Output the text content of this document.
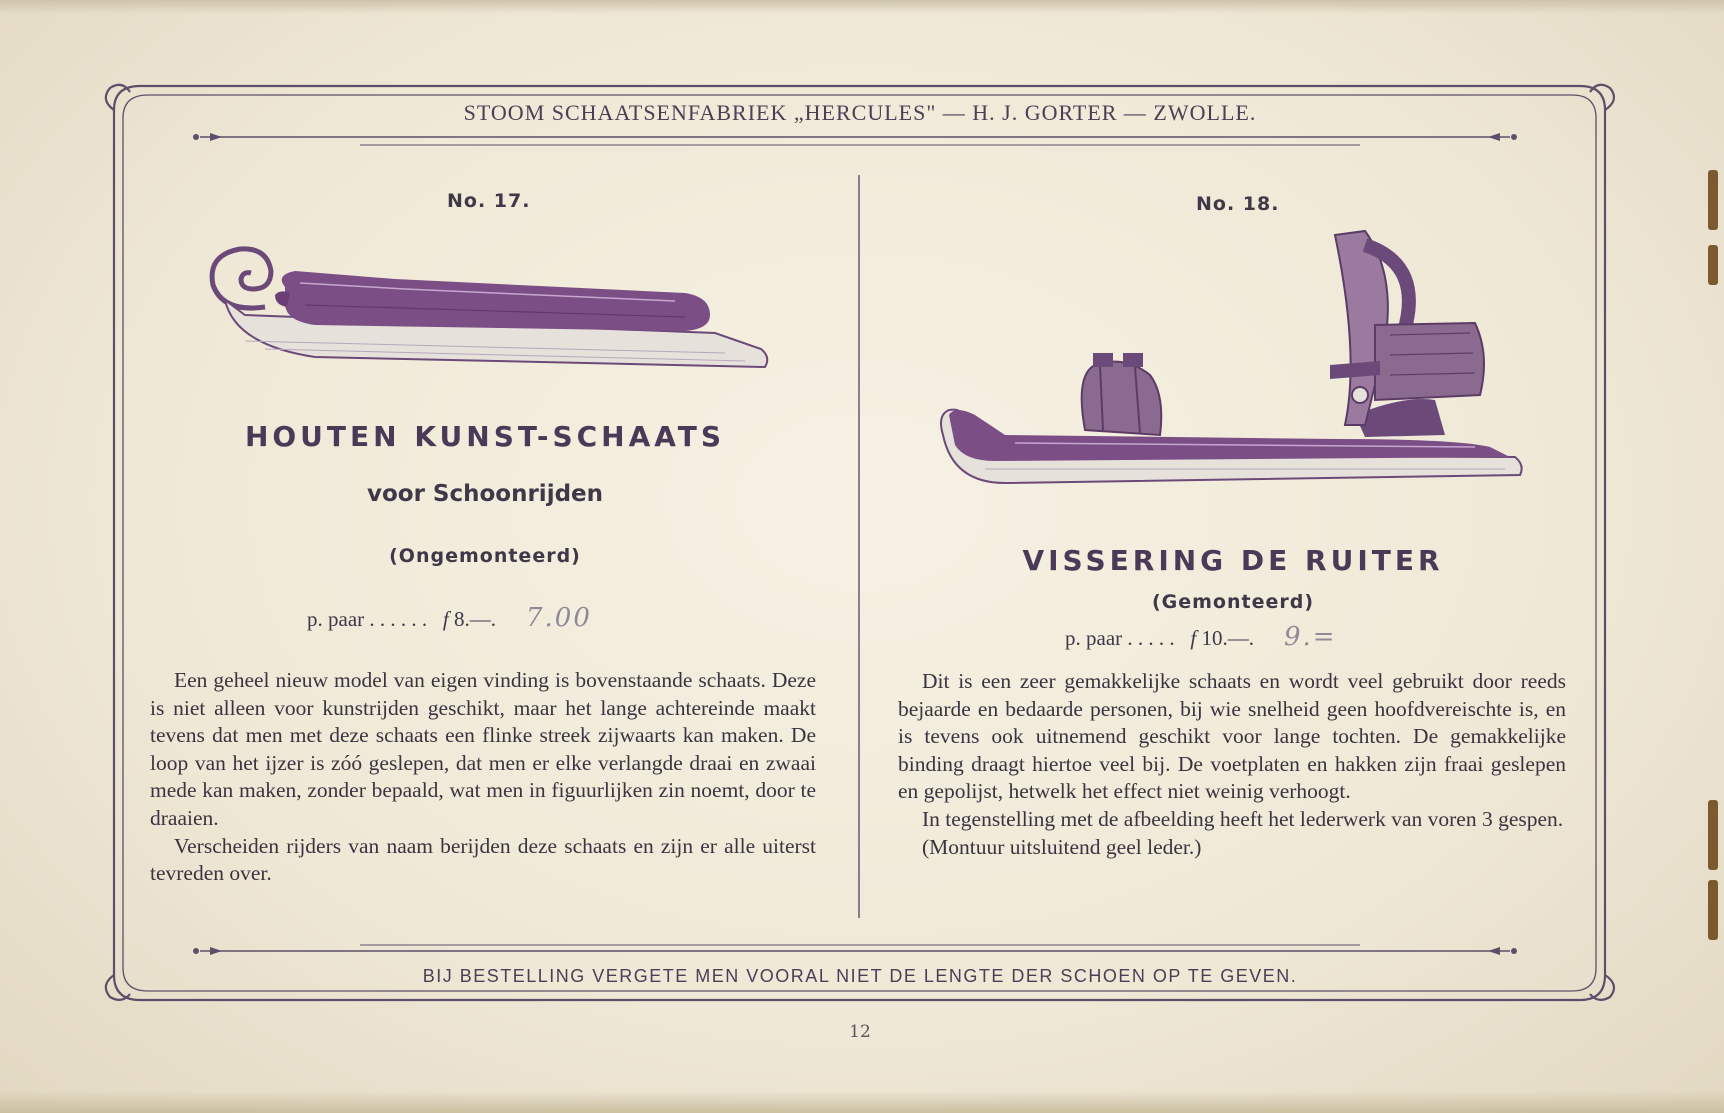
STOOM SCHAATSENFABRIEK „HERCULES" — H. J. GORTER — ZWOLLE.
No. 17.
HOUTEN KUNST-SCHAATS
voor Schoonrijden
(Ongemonteerd)
p. paar . . . . . . f 8.—. 7.00

Een geheel nieuw model van eigen vinding is bovenstaande schaats. Deze is niet alleen voor kunstrijden geschikt, maar het lange achtereinde maakt tevens dat men met deze schaats een flinke streek zijwaarts kan maken. De loop van het ijzer is zóó geslepen, dat men er elke verlangde draai en zwaai mede kan maken, zonder bepaald, wat men in figuurlijken zin noemt, door te draaien.

Verscheiden rijders van naam berijden deze schaats en zijn er alle uiterst tevreden over.

No. 18.
VISSERING DE RUITER
(Gemonteerd)
p. paar . . . . . f 10.—. 9.=

Dit is een zeer gemakkelijke schaats en wordt veel gebruikt door reeds bejaarde en bedaarde personen, bij wie snelheid geen hoofdvereischte is, en is tevens ook uitnemend geschikt voor lange tochten. De gemakkelijke binding draagt hiertoe veel bij. De voetplaten en hakken zijn fraai geslepen en gepolijst, hetwelk het effect niet weinig verhoogt.

In tegenstelling met de afbeelding heeft het lederwerk van voren 3 gespen.

(Montuur uitsluitend geel leder.)

BIJ BESTELLING VERGETE MEN VOORAL NIET DE LENGTE DER SCHOEN OP TE GEVEN.
12
